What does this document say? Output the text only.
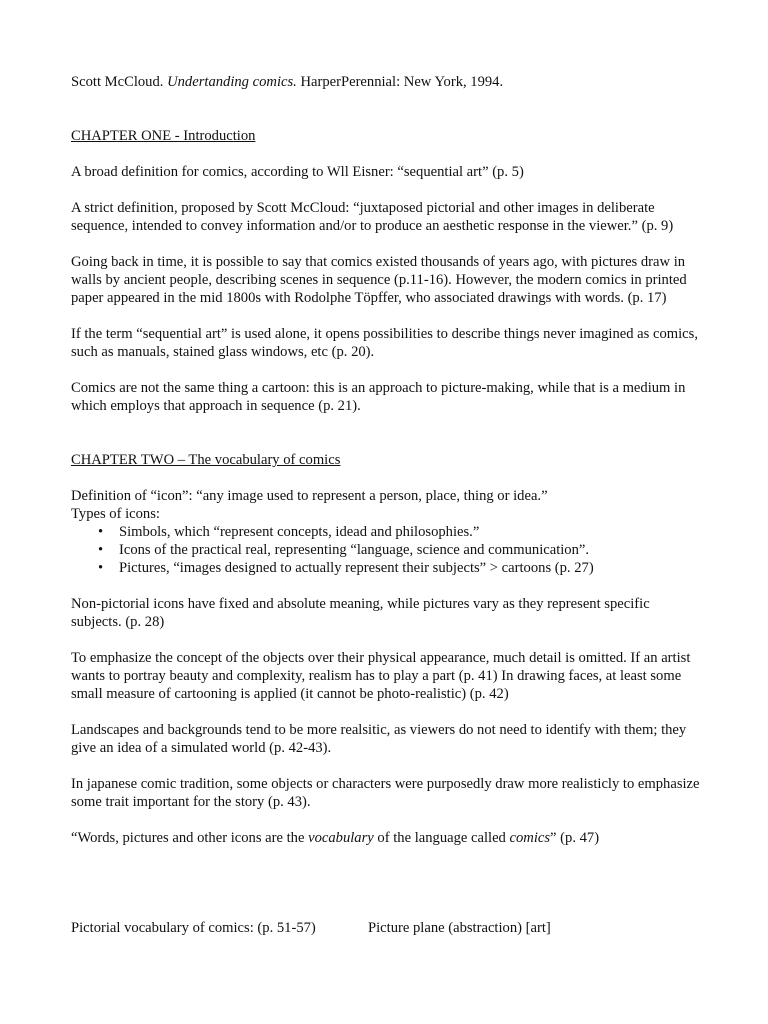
Scott McCloud. Undertanding comics. HarperPerennial: New York, 1994.

CHAPTER ONE - Introduction

A broad definition for comics, according to Wll Eisner: “sequential art” (p. 5)

A strict definition, proposed by Scott McCloud: “juxtaposed pictorial and other images in deliberate sequence, intended to convey information and/or to produce an aesthetic response in the viewer.” (p. 9)

Going back in time, it is possible to say that comics existed thousands of years ago, with pictures draw in walls by ancient people, describing scenes in sequence (p.11-16). However, the modern comics in printed paper appeared in the mid 1800s with Rodolphe Töpffer, who associated drawings with words. (p. 17)

If the term “sequential art” is used alone, it opens possibilities to describe things never imagined as comics, such as manuals, stained glass windows, etc (p. 20).

Comics are not the same thing a cartoon: this is an approach to picture-making, while that is a medium in which employs that approach in sequence (p. 21).

CHAPTER TWO – The vocabulary of comics

Definition of “icon”: “any image used to represent a person, place, thing or idea.”

Types of icons:

• Simbols, which “represent concepts, idead and philosophies.”
• Icons of the practical real, representing “language, science and communication”.
• Pictures, “images designed to actually represent their subjects” > cartoons (p. 27)

Non-pictorial icons have fixed and absolute meaning, while pictures vary as they represent specific subjects. (p. 28)

To emphasize the concept of the objects over their physical appearance, much detail is omitted. If an artist wants to portray beauty and complexity, realism has to play a part (p. 41) In drawing faces, at least some small measure of cartooning is applied (it cannot be photo-realistic) (p. 42)

Landscapes and backgrounds tend to be more realsitic, as viewers do not need to identify with them; they give an idea of a simulated world (p. 42-43).

In japanese comic tradition, some objects or characters were purposedly draw more realisticly to emphasize some trait important for the story (p. 43).

“Words, pictures and other icons are the vocabulary of the language called comics” (p. 47)

Pictorial vocabulary of comics: (p. 51-57)	Picture plane (abstraction) [art]
